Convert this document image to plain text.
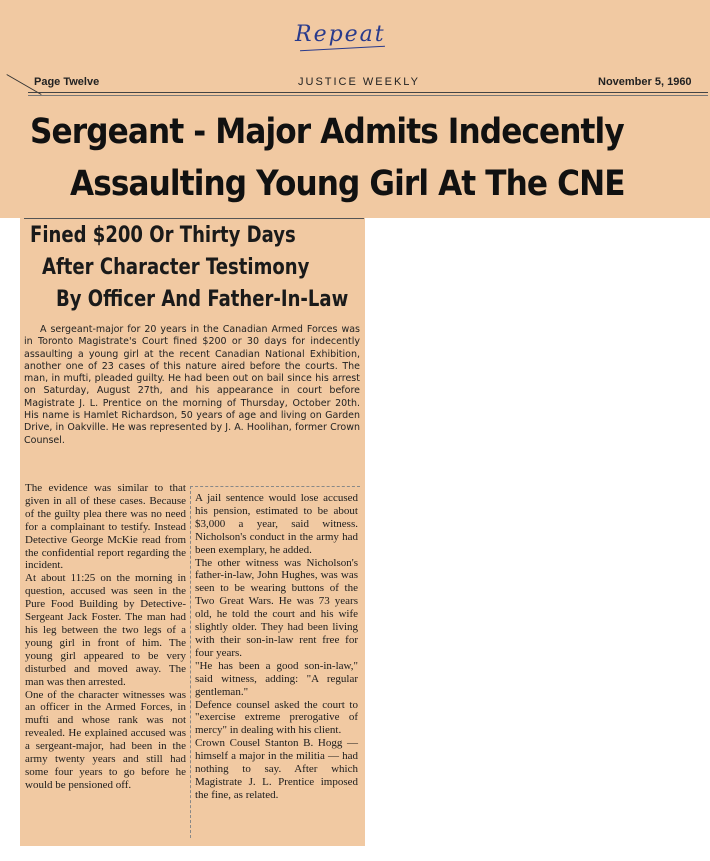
Repeat
Page Twelve	JUSTICE WEEKLY	November 5, 1960
Sergeant - Major Admits Indecently
Assaulting Young Girl At The CNE
Fined $200 Or Thirty Days
After Character Testimony
By Officer And Father-In-Law
A sergeant-major for 20 years in the Canadian Armed Forces was in Toronto Magistrate's Court fined $200 or 30 days for indecently assaulting a young girl at the recent Canadian National Exhibition, another one of 23 cases of this nature aired before the courts. The man, in mufti, pleaded guilty. He had been out on bail since his arrest on Saturday, August 27th, and his appearance in court before Magistrate J. L. Prentice on the morning of Thursday, October 20th. His name is Hamlet Richardson, 50 years of age and living on Garden Drive, in Oakville. He was represented by J. A. Hoolihan, former Crown Counsel.
The evidence was similar to that given in all of these cases. Because of the guilty plea there was no need for a complainant to testify. Instead Detective George McKie read from the confidential report regarding the incident.
At about 11:25 on the morning in question, accused was seen in the Pure Food Building by Detective-Sergeant Jack Foster. The man had his leg between the two legs of a young girl in front of him. The young girl appeared to be very disturbed and moved away. The man was then arrested.
One of the character witnesses was an officer in the Armed Forces, in mufti and whose rank was not revealed. He explained accused was a sergeant-major, had been in the army twenty years and still had some four years to go before he would be pensioned off.
A jail sentence would lose accused his pension, estimated to be about $3,000 a year, said witness. Nicholson's conduct in the army had been exemplary, he added.
The other witness was Nicholson's father-in-law, John Hughes, was was seen to be wearing buttons of the Two Great Wars. He was 73 years old, he told the court and his wife slightly older. They had been living with their son-in-law rent free for four years.
"He has been a good son-in-law," said witness, adding: "A regular gentleman."
Defence counsel asked the court to "exercise extreme prerogative of mercy" in dealing with his client.
Crown Cousel Stanton B. Hogg — himself a major in the militia — had nothing to say. After which Magistrate J. L. Prentice imposed the fine, as related.
